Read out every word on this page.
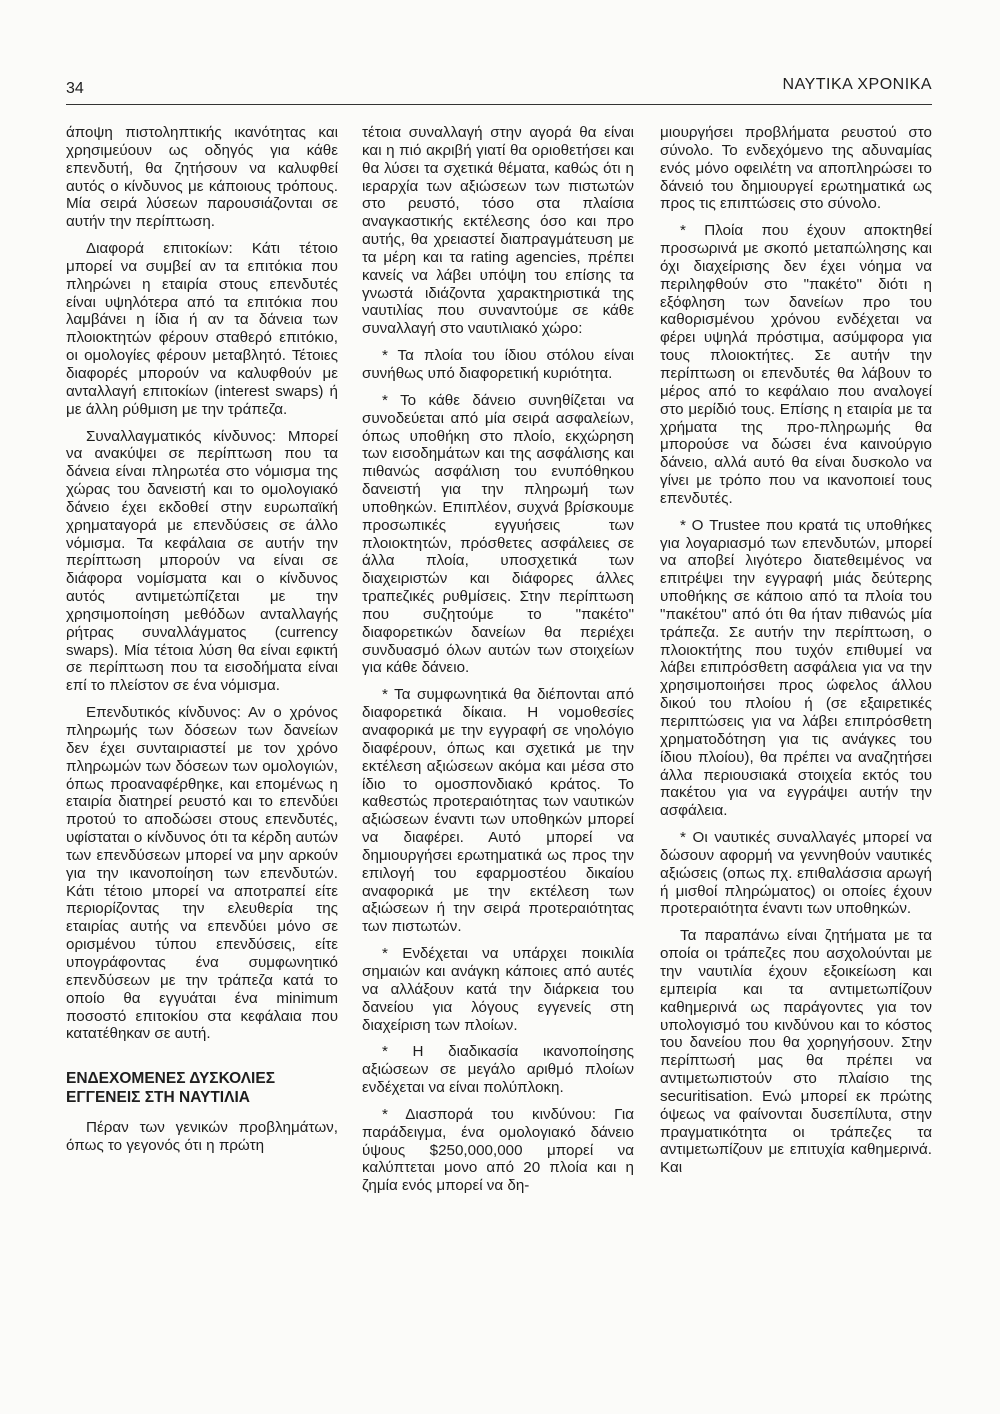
34	ΝΑΥΤΙΚΑ ΧΡΟΝΙΚΑ

άποψη πιστοληπτικής ικανότητας και χρησιμεύουν ως οδηγός για κάθε επενδυτή, θα ζητήσουν να καλυφθεί αυτός ο κίνδυνος με κάποιους τρόπους. Μία σειρά λύσεων παρουσιάζονται σε αυτήν την περίπτωση.

Διαφορά επιτοκίων: Κάτι τέτοιο μπορεί να συμβεί αν τα επιτόκια που πληρώνει η εταιρία στους επενδυτές είναι υψηλότερα από τα επιτόκια που λαμβάνει η ίδια ή αν τα δάνεια των πλοιοκτητών φέρουν σταθερό επιτόκιο, οι ομολογίες φέρουν μεταβλητό. Τέτοιες διαφορές μπορούν να καλυφθούν με ανταλλαγή επιτοκίων (interest swaps) ή με άλλη ρύθμιση με την τράπεζα.

Συναλλαγματικός κίνδυνος: Μπορεί να ανακύψει σε περίπτωση που τα δάνεια είναι πληρωτέα στο νόμισμα της χώρας του δανειστή και το ομολογιακό δάνειο έχει εκδοθεί στην ευρωπαϊκή χρηματαγορά με επενδύσεις σε άλλο νόμισμα. Τα κεφάλαια σε αυτήν την περίπτωση μπορούν να είναι σε διάφορα νομίσματα και ο κίνδυνος αυτός αντιμετώπίζεται με την χρησιμοποίηση μεθόδων ανταλλαγής ρήτρας συναλλάγματος (currency swaps). Μία τέτοια λύση θα είναι εφικτή σε περίπτωση που τα εισοδήματα είναι επί το πλείστον σε ένα νόμισμα.

Επενδυτικός κίνδυνος: Αν ο χρόνος πληρωμής των δόσεων των δανείων δεν έχει συνταιριαστεί με τον χρόνο πληρωμών των δόσεων των ομολογιών, όπως προαναφέρθηκε, και επομένως η εταιρία διατηρεί ρευστό και το επενδύει προτού το αποδώσει στους επενδυτές, υφίσταται ο κίνδυνος ότι τα κέρδη αυτών των επενδύσεων μπορεί να μην αρκούν για την ικανοποίηση των επενδυτών. Κάτι τέτοιο μπορεί να αποτραπεί είτε περιορίζοντας την ελευθερία της εταιρίας αυτής να επενδύει μόνο σε ορισμένου τύπου επενδύσεις, είτε υπογράφοντας ένα συμφωνητικό επενδύσεων με την τράπεζα κατά το οποίο θα εγγυάται ένα minimum ποσοστό επιτοκίου στα κεφάλαια που κατατέθηκαν σε αυτή.

ΕΝΔΕΧΟΜΕΝΕΣ ΔΥΣΚΟΛΙΕΣ ΕΓΓΕΝΕΙΣ ΣΤΗ ΝΑΥΤΙΛΙΑ

Πέραν των γενικών προβλημάτων, όπως το γεγονός ότι η πρώτη

τέτοια συναλλαγή στην αγορά θα είναι και η πιό ακριβή γιατί θα οριοθετήσει και θα λύσει τα σχετικά θέματα, καθώς ότι η ιεραρχία των αξιώσεων των πιστωτών στο ρευστό, τόσο στα πλαίσια αναγκαστικής εκτέλεσης όσο και προ αυτής, θα χρειαστεί διαπραγμάτευση με τα μέρη και τα rating agencies, πρέπει κανείς να λάβει υπόψη του επίσης τα γνωστά ιδιάζοντα χαρακτηριστικά της ναυτιλίας που συναντούμε σε κάθε συναλλαγή στο ναυτιλιακό χώρο:

* Τα πλοία του ίδιου στόλου είναι συνήθως υπό διαφορετική κυριότητα.

* Το κάθε δάνειο συνηθίζεται να συνοδεύεται από μία σειρά ασφαλείων, όπως υποθήκη στο πλοίο, εκχώρηση των εισοδημάτων και της ασφάλισης και πιθανώς ασφάλιση του ενυπόθηκου δανειστή για την πληρωμή των υποθηκών. Επιπλέον, συχνά βρίσκουμε προσωπικές εγγυήσεις των πλοιοκτητών, πρόσθετες ασφάλειες σε άλλα πλοία, υποσχετικά των διαχειριστών και διάφορες άλλες τραπεζικές ρυθμίσεις. Στην περίπτωση που συζητούμε το "πακέτο" διαφορετικών δανείων θα περιέχει συνδυασμό όλων αυτών των στοιχείων για κάθε δάνειο.

* Τα συμφωνητικά θα διέπονται από διαφορετικά δίκαια. Η νομοθεσίες αναφορικά με την εγγραφή σε νηολόγιο διαφέρουν, όπως και σχετικά με την εκτέλεση αξιώσεων ακόμα και μέσα στο ίδιο το ομοσπονδιακό κράτος. Το καθεστώς προτεραιότητας των ναυτικών αξιώσεων έναντι των υποθηκών μπορεί να διαφέρει. Αυτό μπορεί να δημιουργήσει ερωτηματικά ως προς την επιλογή του εφαρμοστέου δικαίου αναφορικά με την εκτέλεση των αξιώσεων ή την σειρά προτεραιότητας των πιστωτών.

* Ενδέχεται να υπάρχει ποικιλία σημαιών και ανάγκη κάποιες από αυτές να αλλάξουν κατά την διάρκεια του δανείου για λόγους εγγενείς στη διαχείριση των πλοίων.

* Η διαδικασία ικανοποίησης αξιώσεων σε μεγάλο αριθμό πλοίων ενδέχεται να είναι πολύπλοκη.

* Διασπορά του κινδύνου: Για παράδειγμα, ένα ομολογιακό δάνειο ύψους $250,000,000 μπορεί να καλύπτεται μονο από 20 πλοία και η ζημία ενός μπορεί να δη-

μιουργήσει προβλήματα ρευστού στο σύνολο. Το ενδεχόμενο της αδυναμίας ενός μόνο οφειλέτη να αποπληρώσει το δάνειό του δημιουργεί ερωτηματικά ως προς τις επιπτώσεις στο σύνολο.

* Πλοία που έχουν αποκτηθεί προσωρινά με σκοπό μεταπώλησης και όχι διαχείρισης δεν έχει νόημα να περιληφθούν στο "πακέτο" διότι η εξόφληση των δανείων προ του καθορισμένου χρόνου ενδέχεται να φέρει υψηλά πρόστιμα, ασύμφορα για τους πλοιοκτήτες. Σε αυτήν την περίπτωση οι επενδυτές θα λάβουν το μέρος από το κεφάλαιο που αναλογεί στο μερίδιό τους. Επίσης η εταιρία με τα χρήματα της προ-πληρωμής θα μπορούσε να δώσει ένα καινούργιο δάνειο, αλλά αυτό θα είναι δυσκολο να γίνει με τρόπο που να ικανοποιεί τους επενδυτές.

* Ο Trustee που κρατά τις υποθήκες για λογαριασμό των επενδυτών, μπορεί να αποβεί λιγότερο διατεθειμένος να επιτρέψει την εγγραφή μιάς δεύτερης υποθήκης σε κάποιο από τα πλοία του "πακέτου" από ότι θα ήταν πιθανώς μία τράπεζα. Σε αυτήν την περίπτωση, ο πλοιοκτήτης που τυχόν επιθυμεί να λάβει επιπρόσθετη ασφάλεια για να την χρησιμοποιήσει προς ώφελος άλλου δικού του πλοίου ή (σε εξαιρετικές περιπτώσεις για να λάβει επιπρόσθετη χρηματοδότηση για τις ανάγκες του ίδιου πλοίου), θα πρέπει να αναζητήσει άλλα περιουσιακά στοιχεία εκτός του πακέτου για να εγγράψει αυτήν την ασφάλεια.

* Οι ναυτικές συναλλαγές μπορεί να δώσουν αφορμή να γεννηθούν ναυτικές αξιώσεις (οπως πχ. επιθαλάσσια αρωγή ή μισθοί πληρώματος) οι οποίες έχουν προτεραιότητα έναντι των υποθηκών.

Τα παραπάνω είναι ζητήματα με τα οποία οι τράπεζες που ασχολούνται με την ναυτιλία έχουν εξοικείωση και εμπειρία και τα αντιμετωπίζουν καθημερινά ως παράγοντες για τον υπολογισμό του κινδύνου και το κόστος του δανείου που θα χορηγήσουν. Στην περίπτωσή μας θα πρέπει να αντιμετωπιστούν στο πλαίσιο της securitisation. Ενώ μπορεί εκ πρώτης όψεως να φαίνονται δυσεπίλυτα, στην πραγματικότητα οι τράπεζες τα αντιμετωπίζουν με επιτυχία καθημερινά. Και
